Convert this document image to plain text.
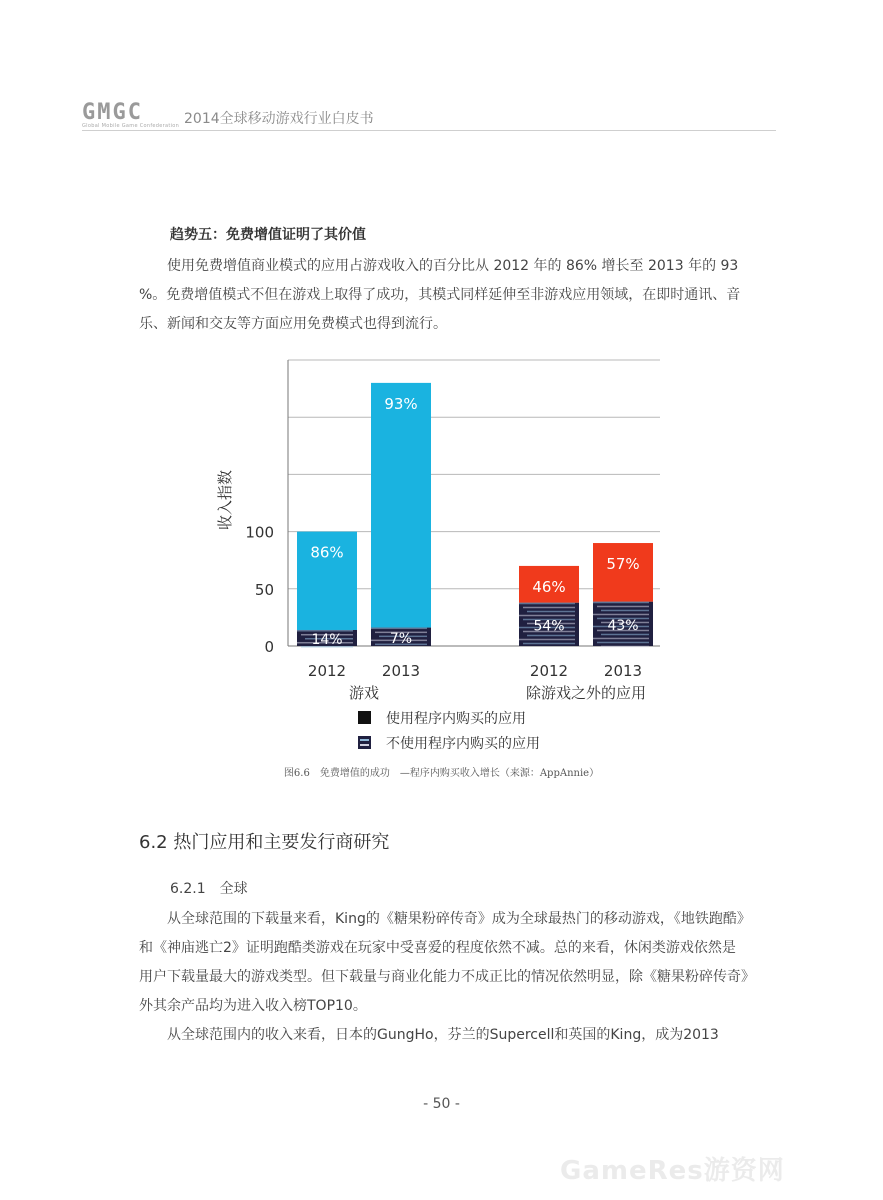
GMGC
Global Mobile Game Confederation 2014全球移动游戏行业白皮书
趋势五：免费增值证明了其价值

使用免费增值商业模式的应用占游戏收入的百分比从 2012 年的 86% 增长至 2013 年的 93 %。免费增值模式不但在游戏上取得了成功，其模式同样延伸至非游戏应用领域，在即时通讯、音乐、新闻和交友等方面应用免费模式也得到流行。

0
50
100
收入指数
86%
14%
2012
93%
7%
2013
游戏
46%
54%
2012
57%
43%
2013
除游戏之外的应用
使用程序内购买的应用
不使用程序内购买的应用
图6.6　免费增值的成功　—程序内购买收入增长（来源：AppAnnie）
6.2 热门应用和主要发行商研究
6.2.1　全球

从全球范围的下载量来看，King的《糖果粉碎传奇》成为全球最热门的移动游戏，《地铁跑酷》和《神庙逃亡2》证明跑酷类游戏在玩家中受喜爱的程度依然不减。总的来看，休闲类游戏依然是用户下载量最大的游戏类型。但下载量与商业化能力不成正比的情况依然明显，除《糖果粉碎传奇》外其余产品均为进入收入榜TOP10。

从全球范围内的收入来看，日本的GungHo，芬兰的Supercell和英国的King，成为2013

- 50 -
GameRes游资网
